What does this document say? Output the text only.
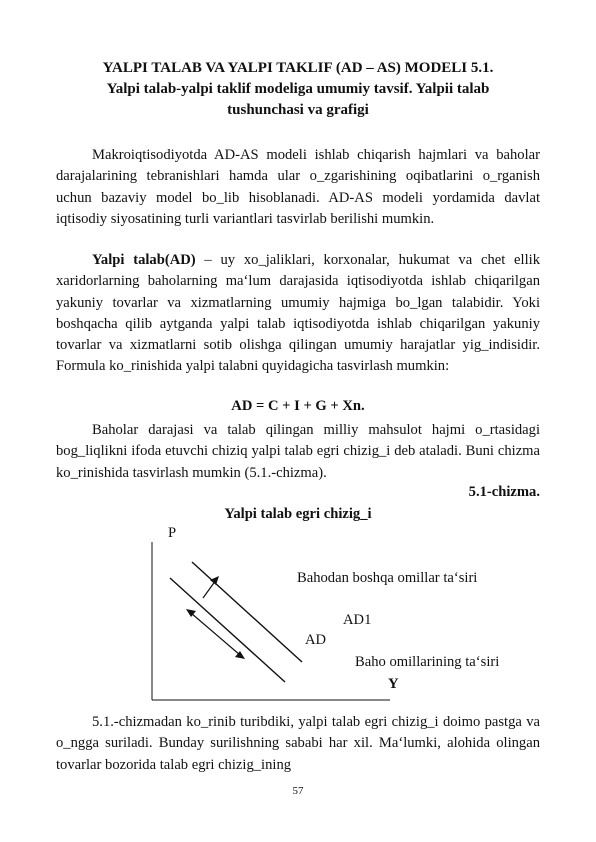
YALPI TALAB VA YALPI TAKLIF (AD – AS) MODELI 5.1.
Yalpi talab-yalpi taklif modeliga umumiy tavsif. Yalpii talab
tushunchasi va grafigi

Makroiqtisodiyotda AD-AS modeli ishlab chiqarish hajmlari va baholar darajalarining tebranishlari hamda ular o_zgarishining oqibatlarini o_rganish uchun bazaviy model bo_lib hisoblanadi. AD-AS modeli yordamida davlat iqtisodiy siyosatining turli variantlari tasvirlab berilishi mumkin.

Yalpi talab(AD) – uy xo_jaliklari, korxonalar, hukumat va chet ellik xaridorlarning baholarning ma‘lum darajasida iqtisodiyotda ishlab chiqarilgan yakuniy tovarlar va xizmatlarning umumiy hajmiga bo_lgan talabidir. Yoki boshqacha qilib aytganda yalpi talab iqtisodiyotda ishlab chiqarilgan yakuniy tovarlar va xizmatlarni sotib olishga qilingan umumiy harajatlar yig_indisidir. Formula ko_rinishida yalpi talabni quyidagicha tasvirlash mumkin:

AD = C + I + G + Xn.

Baholar darajasi va talab qilingan milliy mahsulot hajmi o_rtasidagi bog_liqlikni ifoda etuvchi chiziq yalpi talab egri chizig_i deb ataladi. Buni chizma ko_rinishida tasvirlash mumkin (5.1.-chizma).

5.1-chizma.
Yalpi talab egri chizig_i
P
Bahodan boshqa omillar ta‘siri
AD1
AD
Baho omillarining ta‘siri
Y

5.1.-chizmadan ko_rinib turibdiki, yalpi talab egri chizig_i doimo pastga va o_ngga suriladi. Bunday surilishning sababi har xil. Ma‘lumki, alohida olingan tovarlar bozorida talab egri chizig_ining

57
